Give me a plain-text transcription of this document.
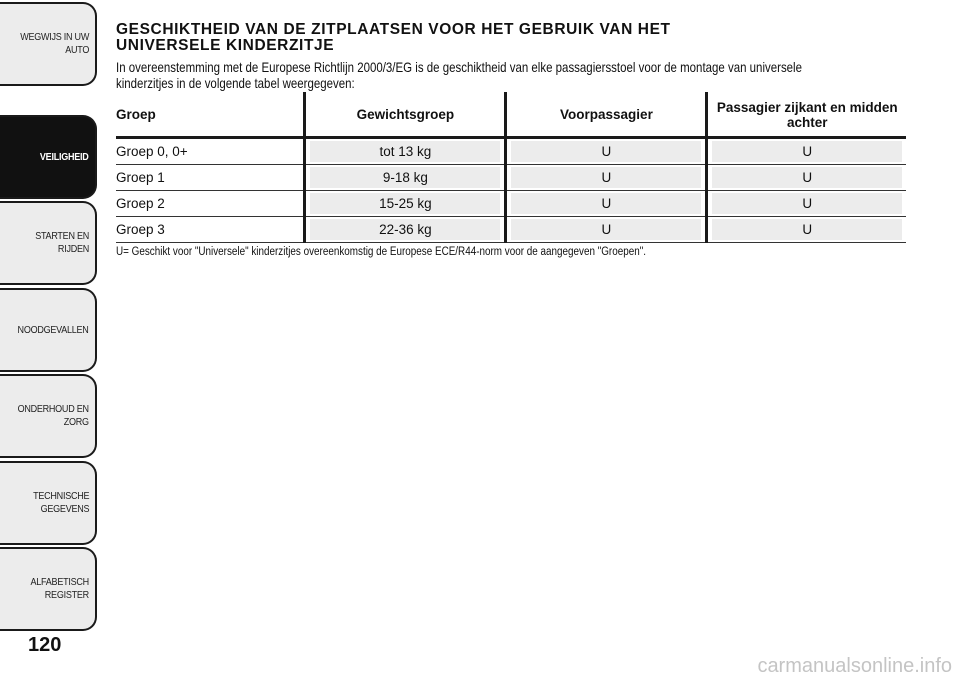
WEGWIJS IN UW
AUTO
VEILIGHEID
STARTEN EN RIJDEN
NOODGEVALLEN
ONDERHOUD EN
ZORG
TECHNISCHE
GEGEVENS
ALFABETISCH
REGISTER
120
GESCHIKTHEID VAN DE ZITPLAATSEN VOOR HET GEBRUIK VAN HET
UNIVERSELE KINDERZITJE

In overeenstemming met de Europese Richtlijn 2000/3/EG is de geschiktheid van elke passagiersstoel voor de montage van universele
kinderzitjes in de volgende tabel weergegeven:

Groep	Gewichtsgroep	Voorpassagier	Passagier zijkant en midden achter

Groep 0, 0+	tot 13 kg	U	U

Groep 1	9-18 kg	U	U

Groep 2	15-25 kg	U	U

Groep 3	22-36 kg	U	U

U= Geschikt voor "Universele" kinderzitjes overeenkomstig de Europese ECE/R44-norm voor de aangegeven "Groepen".

carmanualsonline.info
